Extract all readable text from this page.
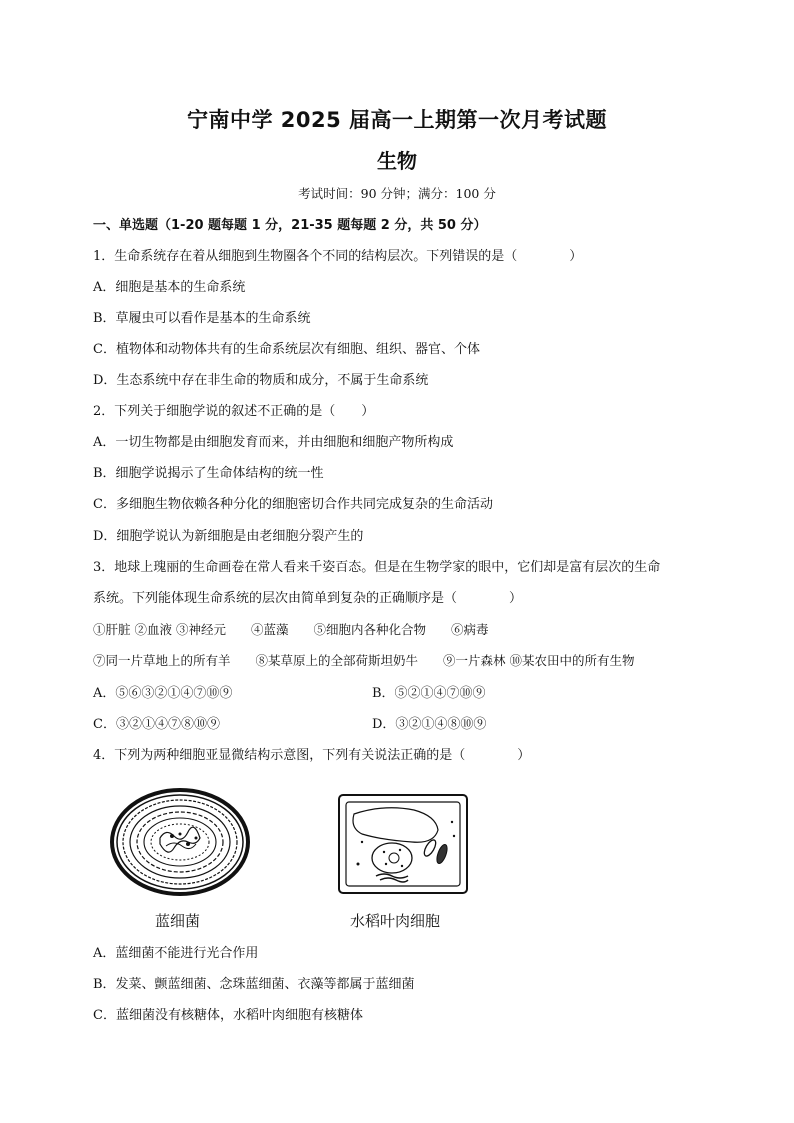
宁南中学 2025 届高一上期第一次月考试题
生物
考试时间：90 分钟；满分：100 分
一、单选题（1-20 题每题 1 分，21-35 题每题 2 分，共 50 分）
1．生命系统存在着从细胞到生物圈各个不同的结构层次。下列错误的是（　　　　）
A．细胞是基本的生命系统
B．草履虫可以看作是基本的生命系统
C．植物体和动物体共有的生命系统层次有细胞、组织、器官、个体
D．生态系统中存在非生命的物质和成分，不属于生命系统
2．下列关于细胞学说的叙述不正确的是（　　）
A．一切生物都是由细胞发育而来，并由细胞和细胞产物所构成
B．细胞学说揭示了生命体结构的统一性
C．多细胞生物依赖各种分化的细胞密切合作共同完成复杂的生命活动
D．细胞学说认为新细胞是由老细胞分裂产生的
3．地球上瑰丽的生命画卷在常人看来千姿百态。但是在生物学家的眼中，它们却是富有层次的生命
系统。下列能体现生命系统的层次由简单到复杂的正确顺序是（　　　　）
①肝脏 ②血液 ③神经元　　④蓝藻　　⑤细胞内各种化合物　　⑥病毒
⑦同一片草地上的所有羊　　⑧某草原上的全部荷斯坦奶牛　　⑨一片森林 ⑩某农田中的所有生物
A．⑤⑥③②①④⑦⑩⑨	B．⑤②①④⑦⑩⑨
C．③②①④⑦⑧⑩⑨	D．③②①④⑧⑩⑨
4．下列为两种细胞亚显微结构示意图，下列有关说法正确的是（　　　　）
蓝细菌	水稻叶肉细胞
A．蓝细菌不能进行光合作用
B．发菜、颤蓝细菌、念珠蓝细菌、衣藻等都属于蓝细菌
C．蓝细菌没有核糖体，水稻叶肉细胞有核糖体
